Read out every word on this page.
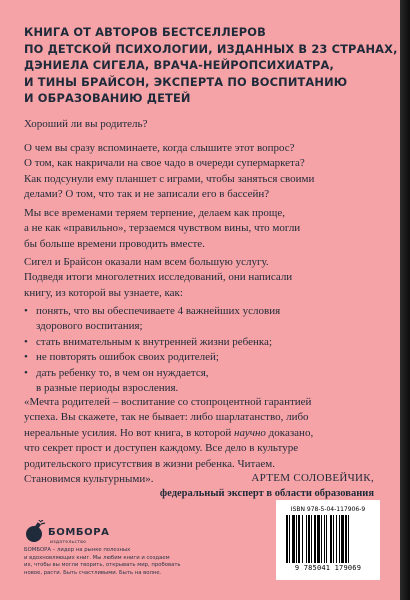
КНИГА ОТ АВТОРОВ БЕСТСЕЛЛЕРОВ
ПО ДЕТСКОЙ ПСИХОЛОГИИ, ИЗДАННЫХ В 23 СТРАНАХ,
ДЭНИЕЛА СИГЕЛА, ВРАЧА-НЕЙРОПСИХИАТРА,
И ТИНЫ БРАЙСОН, ЭКСПЕРТА ПО ВОСПИТАНИЮ
И ОБРАЗОВАНИЮ ДЕТЕЙ
Хороший ли вы родитель?
О чем вы сразу вспоминаете, когда слышите этот вопрос?
О том, как накричали на свое чадо в очереди супермаркета?
Как подсунули ему планшет с играми, чтобы заняться своими
делами? О том, что так и не записали его в бассейн?
Мы все временами теряем терпение, делаем как проще,
а не как «правильно», терзаемся чувством вины, что могли
бы больше времени проводить вместе.
Сигел и Брайсон оказали нам всем большую услугу.
Подведя итоги многолетних исследований, они написали
книгу, из которой вы узнаете, как:
• понять, что вы обеспечиваете 4 важнейших условия
здорового воспитания;
• стать внимательным к внутренней жизни ребенка;
• не повторять ошибок своих родителей;
• дать ребенку то, в чем он нуждается,
в разные периоды взросления.
«Мечта родителей – воспитание со стопроцентной гарантией
успеха. Вы скажете, так не бывает: либо шарлатанство, либо
нереальные усилия. Но вот книга, в которой научно доказано,
что секрет прост и доступен каждому. Все дело в культуре
родительского присутствия в жизни ребенка. Читаем.
Становимся культурными».	АРТЕМ СОЛОВЕЙЧИК,
федеральный эксперт в области образования
БОМБОРА
издательство
БОМБОРА – лидер на рынке полезных
и вдохновляющих книг. Мы любим книги и создаем
их, чтобы вы могли творить, открывать мир, пробовать
новое, расти. Быть счастливыми. Быть на волне.
ISBN 978-5-04-117906-9
9 785041 179069
